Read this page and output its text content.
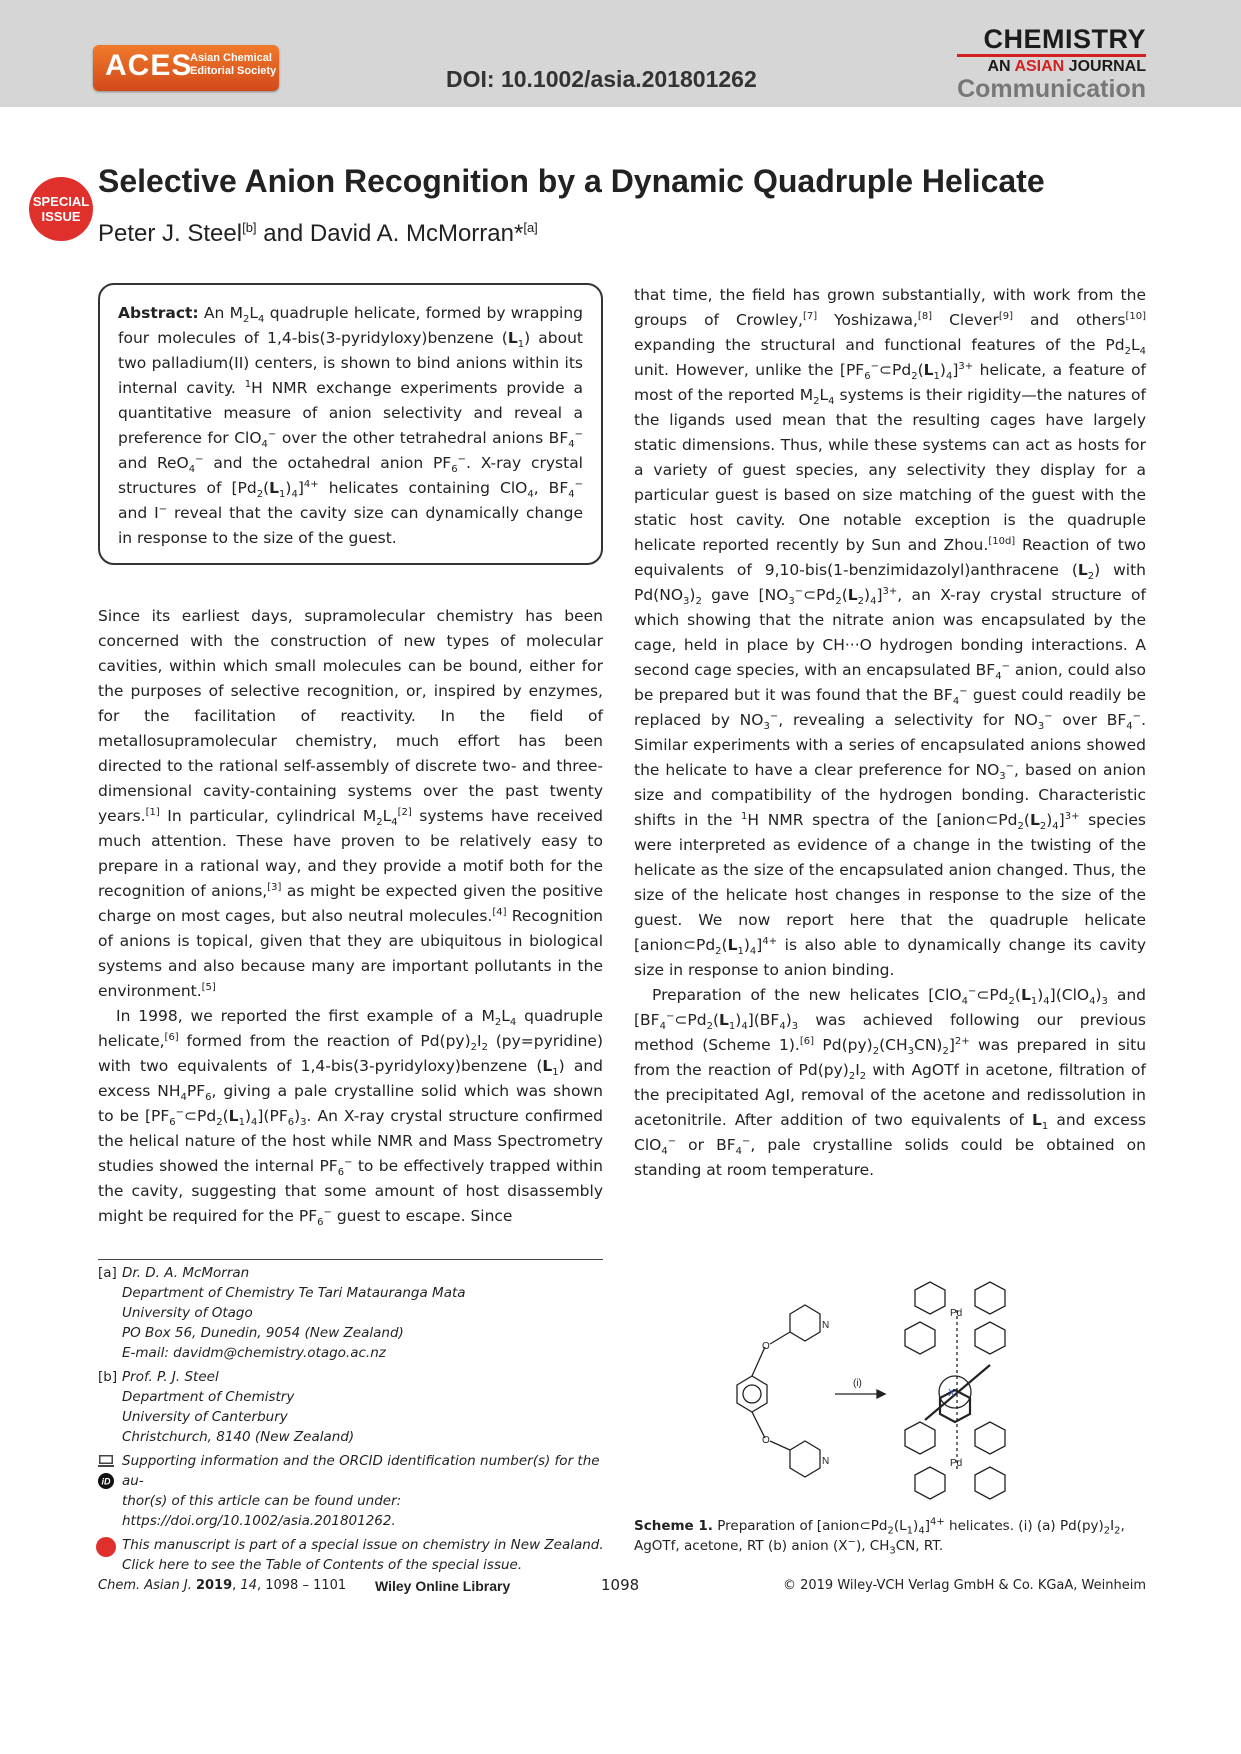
ACES
Asian Chemical
Editorial Society	DOI: 10.1002/asia.201801262
CHEMISTRY
AN ASIAN JOURNAL
Communication
SPECIAL
ISSUE
Selective Anion Recognition by a Dynamic Quadruple Helicate
Peter J. Steel[b] and David A. McMorran*[a]

Abstract: An $M_2L_4$ quadruple helicate, formed by wrapping four molecules of 1,4-bis(3-pyridyloxy)benzene $(L_1)$ about two palladium(II) centers, is shown to bind anions within its internal cavity. $^1$H NMR exchange experiments provide a quantitative measure of anion selectivity and reveal a preference for ClO$_4$− over the other tetrahedral anions $BF_4^-$ and ReO$_4$− and the octahedral anion $PF_6^-$. X-ray crystal structures of $[Pd_2(L_1)_4]^{4+}$ helicates containing ClO$_4$, $BF_4^-$ and I− reveal that the cavity size can dynamically change in response to the size of the guest.

Since its earliest days, supramolecular chemistry has been concerned with the construction of new types of molecular cavities, within which small molecules can be bound, either for the purposes of selective recognition, or, inspired by enzymes, for the facilitation of reactivity. In the field of metallosupramolecular chemistry, much effort has been directed to the rational self-assembly of discrete two- and three-dimensional cavity-containing systems over the past twenty years.[1] In particular, cylindrical $M_2L_4[2]$ systems have received much attention. These have proven to be relatively easy to prepare in a rational way, and they provide a motif both for the recognition of anions,[3] as might be expected given the positive charge on most cages, but also neutral molecules.[4] Recognition of anions is topical, given that they are ubiquitous in biological systems and also because many are important pollutants in the environment.[5]

In 1998, we reported the first example of a $M_2L_4$ quadruple helicate,[6] formed from the reaction of $Pd(py)_2I_2$ (py=pyridine) with two equivalents of 1,4-bis(3-pyridyloxy)benzene $(L_1)$ and excess $NH_4PF_6$, giving a pale crystalline solid which was shown to be $[PF_6^-\subset Pd_2(L_1)_4](PF_6)_3$. An X-ray crystal structure confirmed the helical nature of the host while NMR and Mass Spectrometry studies showed the internal $PF_6^-$ to be effectively trapped within the cavity, suggesting that some amount of host disassembly might be required for the $PF_6^-$ guest to escape. Since

that time, the field has grown substantially, with work from the groups of Crowley,[7] Yoshizawa,[8] Clever[9] and others[10] expanding the structural and functional features of the $Pd_2L_4$ unit. However, unlike the $[PF_6^-\subset Pd_2(L_1)_4]^{3+}$ helicate, a feature of most of the reported $M_2L_4$ systems is their rigidity—the natures of the ligands used mean that the resulting cages have largely static dimensions. Thus, while these systems can act as hosts for a variety of guest species, any selectivity they display for a particular guest is based on size matching of the guest with the static host cavity. One notable exception is the quadruple helicate reported recently by Sun and Zhou.[10d] Reaction of two equivalents of 9,10-bis(1-benzimidazolyl)anthracene $(L_2)$ with $Pd(NO_3)_2$ gave $[NO_3^-\subset Pd_2(L_2)_4]^{3+}$, an X-ray crystal structure of which showing that the nitrate anion was encapsulated by the cage, held in place by CH···O hydrogen bonding interactions. A second cage species, with an encapsulated $BF_4^-$ anion, could also be prepared but it was found that the $BF_4^-$ guest could readily be replaced by $NO_3^-$, revealing a selectivity for $NO_3^-$ over $BF_4^-$. Similar experiments with a series of encapsulated anions showed the helicate to have a clear preference for $NO_3^-$, based on anion size and compatibility of the hydrogen bonding. Characteristic shifts in the $^1$H NMR spectra of the $[anion\subset Pd_2(L_2)_4]^{3+}$ species were interpreted as evidence of a change in the twisting of the helicate as the size of the encapsulated anion changed. Thus, the size of the helicate host changes in response to the size of the guest. We now report here that the quadruple helicate $[anion\subset Pd_2(L_1)_4]^{4+}$ is also able to dynamically change its cavity size in response to anion binding.

Preparation of the new helicates $[ClO_4^-\subset Pd_2(L_1)_4](ClO_4)_3$ and $[BF_4^-\subset Pd_2(L_1)_4](BF_4)_3$ was achieved following our previous method (Scheme 1).[6] $Pd(py)_2(CH_3CN)_2]^{2+}$ was prepared in situ from the reaction of $Pd(py)_2I_2$ with AgOTf in acetone, filtration of the precipitated AgI, removal of the acetone and redissolution in acetonitrile. After addition of two equivalents of $L_1$ and excess ClO$_4$− or $BF_4^-$, pale crystalline solids could be obtained on standing at room temperature.

[a] Dr. D. A. McMorran
Department of Chemistry Te Tari Matauranga Mata
University of Otago
PO Box 56, Dunedin, 9054 (New Zealand)
E-mail: davidm@chemistry.otago.ac.nz
[b] Prof. P. J. Steel
Department of Chemistry
University of Canterbury
Christchurch, 8140 (New Zealand)
iD
Supporting information and the ORCID identification number(s) for the au-
thor(s) of this article can be found under:
https://doi.org/10.1002/asia.201801262.
This manuscript is part of a special issue on chemistry in New Zealand.
Click here to see the Table of Contents of the special issue.
O
O
N
N
(i)
Pd
Pd
X-
Scheme 1. Preparation of $[anion\subset Pd_2(L_1)_4]^{4+}$ helicates. (i) (a) $Pd(py)_2I_2$, AgOTf, acetone, RT (b) anion (X−), $CH_3CN$, RT.
Chem. Asian J. 2019, 14, 1098 – 1101 Wiley Online Library	1098	© 2019 Wiley-VCH Verlag GmbH & Co. KGaA, Weinheim
